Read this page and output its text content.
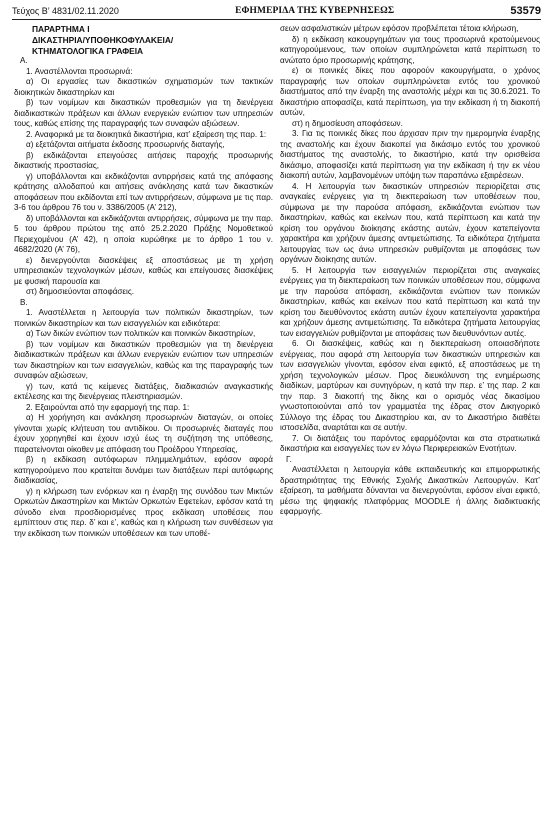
Τεύχος Β’ 4831/02.11.2020	ΕΦΗΜΕΡΙΔΑ ΤΗΣ ΚΥΒΕΡΝΗΣΕΩΣ	53579

ΠΑΡΑΡΤΗΜΑ Ι

ΔΙΚΑΣΤΗΡΙΑ/ΥΠΟΘΗΚΟΦΥΛΑΚΕΙΑ/

ΚΤΗΜΑΤΟΛΟΓΙΚΑ ΓΡΑΦΕΙΑ

Α.

1. Αναστέλλονται προσωρινά:

α) Οι εργασίες των δικαστικών σχηματισμών των τακτικών διοικητικών δικαστηρίων και

β) των νομίμων και δικαστικών προθεσμιών για τη διενέργεια διαδικαστικών πράξεων και άλλων ενεργειών ενώπιον των υπηρεσιών τους, καθώς επίσης της παραγραφής των συναφών αξιώσεων.

2. Αναφορικά με τα διοικητικά δικαστήρια, κατ’ εξαίρεση της παρ. 1:

α) εξετάζονται αιτήματα έκδοσης προσωρινής διαταγής,

β) εκδικάζονται επειγούσες αιτήσεις παροχής προσωρινής δικαστικής προστασίας,

γ) υποβάλλονται και εκδικάζονται αντιρρήσεις κατά της απόφασης κράτησης αλλοδαπού και αιτήσεις ανάκλησης κατά των δικαστικών αποφάσεων που εκδίδονται επί των αντιρρήσεων, σύμφωνα με τις παρ. 3-6 του άρθρου 76 του ν. 3386/2005 (Α’ 212),

δ) υποβάλλονται και εκδικάζονται αντιρρήσεις, σύμφωνα με την παρ. 5 του άρθρου πρώτου της από 25.2.2020 Πράξης Νομοθετικού Περιεχομένου (Α’ 42), η οποία κυρώθηκε με το άρθρο 1 του ν. 4682/2020 (Α’ 76),

ε) διενεργούνται διασκέψεις εξ αποστάσεως με τη χρήση υπηρεσιακών τεχνολογικών μέσων, καθώς και επείγουσες διασκέψεις με φυσική παρουσία και

στ) δημοσιεύονται αποφάσεις.

Β.

1. Αναστέλλεται η λειτουργία των πολιτικών δικαστηρίων, των ποινικών δικαστηρίων και των εισαγγελιών και ειδικότερα:

α) Των δικών ενώπιον των πολιτικών και ποινικών δικαστηρίων,

β) των νομίμων και δικαστικών προθεσμιών για τη διενέργεια διαδικαστικών πράξεων και άλλων ενεργειών ενώπιον των υπηρεσιών των δικαστηρίων και των εισαγγελιών, καθώς και της παραγραφής των συναφών αξιώσεων,

γ) των, κατά τις κείμενες διατάξεις, διαδικασιών αναγκαστικής εκτέλεσης και της διενέργειας πλειστηριασμών.

2. Εξαιρούνται από την εφαρμογή της παρ. 1:

α) Η χορήγηση και ανάκληση προσωρινών διαταγών, οι οποίες γίνονται χωρίς κλήτευση του αντιδίκου. Οι προσωρινές διαταγές που έχουν χορηγηθεί και έχουν ισχύ έως τη συζήτηση της υπόθεσης, παρατείνονται οίκοθεν με απόφαση του Προέδρου Υπηρεσίας,

β) η εκδίκαση αυτόφωρων πλημμελημάτων, εφόσον αφορά κατηγορούμενο που κρατείται δυνάμει των διατάξεων περί αυτόφωρης διαδικασίας,

γ) η κλήρωση των ενόρκων και η έναρξη της συνόδου των Μικτών Ορκωτών Δικαστηρίων και Μικτών Ορκωτών Εφετείων, εφόσον κατά τη σύνοδο είναι προσδιορισμένες προς εκδίκαση υποθέσεις που εμπίπτουν στις περ. δ’ και ε’, καθώς και η κλήρωση των συνθέσεων για την εκδίκαση των ποινικών υποθέσεων και των υποθέ-

σεων ασφαλιστικών μέτρων εφόσον προβλέπεται τέτοια κλήρωση,

δ) η εκδίκαση κακουργημάτων για τους προσωρινά κρατούμενους κατηγορούμενους, των οποίων συμπληρώνεται κατά περίπτωση το ανώτατο όριο προσωρινής κράτησης,

ε) οι ποινικές δίκες που αφορούν κακουργήματα, ο χρόνος παραγραφής των οποίων συμπληρώνεται εντός του χρονικού διαστήματος από την έναρξη της αναστολής μέχρι και τις 30.6.2021. Το δικαστήριο αποφασίζει, κατά περίπτωση, για την εκδίκαση ή τη διακοπή αυτών,

στ) η δημοσίευση αποφάσεων.

3. Για τις ποινικές δίκες που άρχισαν πριν την ημερομηνία έναρξης της αναστολής και έχουν διακοπεί για δικάσιμο εντός του χρονικού διαστήματος της αναστολής, το δικαστήριο, κατά την ορισθείσα δικάσιμο, αποφασίζει κατά περίπτωση για την εκδίκαση ή την εκ νέου διακοπή αυτών, λαμβανομένων υπόψη των παραπάνω εξαιρέσεων.

4. Η λειτουργία των δικαστικών υπηρεσιών περιορίζεται στις αναγκαίες ενέργειες για τη διεκπεραίωση των υποθέσεων που, σύμφωνα με την παρούσα απόφαση, εκδικάζονται ενώπιον των δικαστηρίων, καθώς και εκείνων που, κατά περίπτωση και κατά την κρίση του οργάνου διοίκησης εκάστης αυτών, έχουν κατεπείγοντα χαρακτήρα και χρήζουν άμεσης αντιμετώπισης. Τα ειδικότερα ζητήματα λειτουργίας των ως άνω υπηρεσιών ρυθμίζονται με αποφάσεις των οργάνων διοίκησης αυτών.

5. Η λειτουργία των εισαγγελιών περιορίζεται στις αναγκαίες ενέργειες για τη διεκπεραίωση των ποινικών υποθέσεων που, σύμφωνα με την παρούσα απόφαση, εκδικάζονται ενώπιον των ποινικών δικαστηρίων, καθώς και εκείνων που κατά περίπτωση και κατά την κρίση του διευθύνοντος εκάστη αυτών έχουν κατεπείγοντα χαρακτήρα και χρήζουν άμεσης αντιμετώπισης. Τα ειδικότερα ζητήματα λειτουργίας των εισαγγελιών ρυθμίζονται με αποφάσεις των διευθυνόντων αυτές.

6. Οι διασκέψεις, καθώς και η διεκπεραίωση οποιασδήποτε ενέργειας, που αφορά στη λειτουργία των δικαστικών υπηρεσιών και των εισαγγελιών γίνονται, εφόσον είναι εφικτό, εξ αποστάσεως με τη χρήση τεχνολογικών μέσων. Προς διευκόλυνση της ενημέρωσης διαδίκων, μαρτύρων και συνηγόρων, η κατά την περ. ε’ της παρ. 2 και την παρ. 3 διακοπή της δίκης και ο ορισμός νέας δικασίμου γνωστοποιούνται από τον γραμματέα της έδρας στον Δικηγορικό Σύλλογο της έδρας του Δικαστηρίου και, αν το Δικαστήριο διαθέτει ιστοσελίδα, αναρτάται και σε αυτήν.

7. Οι διατάξεις του παρόντος εφαρμόζονται και στα στρατιωτικά δικαστήρια και εισαγγελίες των εν λόγω Περιφερειακών Ενοτήτων.

Γ.

Αναστέλλεται η λειτουργία κάθε εκπαιδευτικής και επιμορφωτικής δραστηριότητας της Εθνικής Σχολής Δικαστικών Λειτουργών. Κατ’ εξαίρεση, τα μαθήματα δύνανται να διενεργούνται, εφόσον είναι εφικτό, μέσω της ψηφιακής πλατφόρμας MOODLE ή άλλης διαδικτυακής εφαρμογής.
